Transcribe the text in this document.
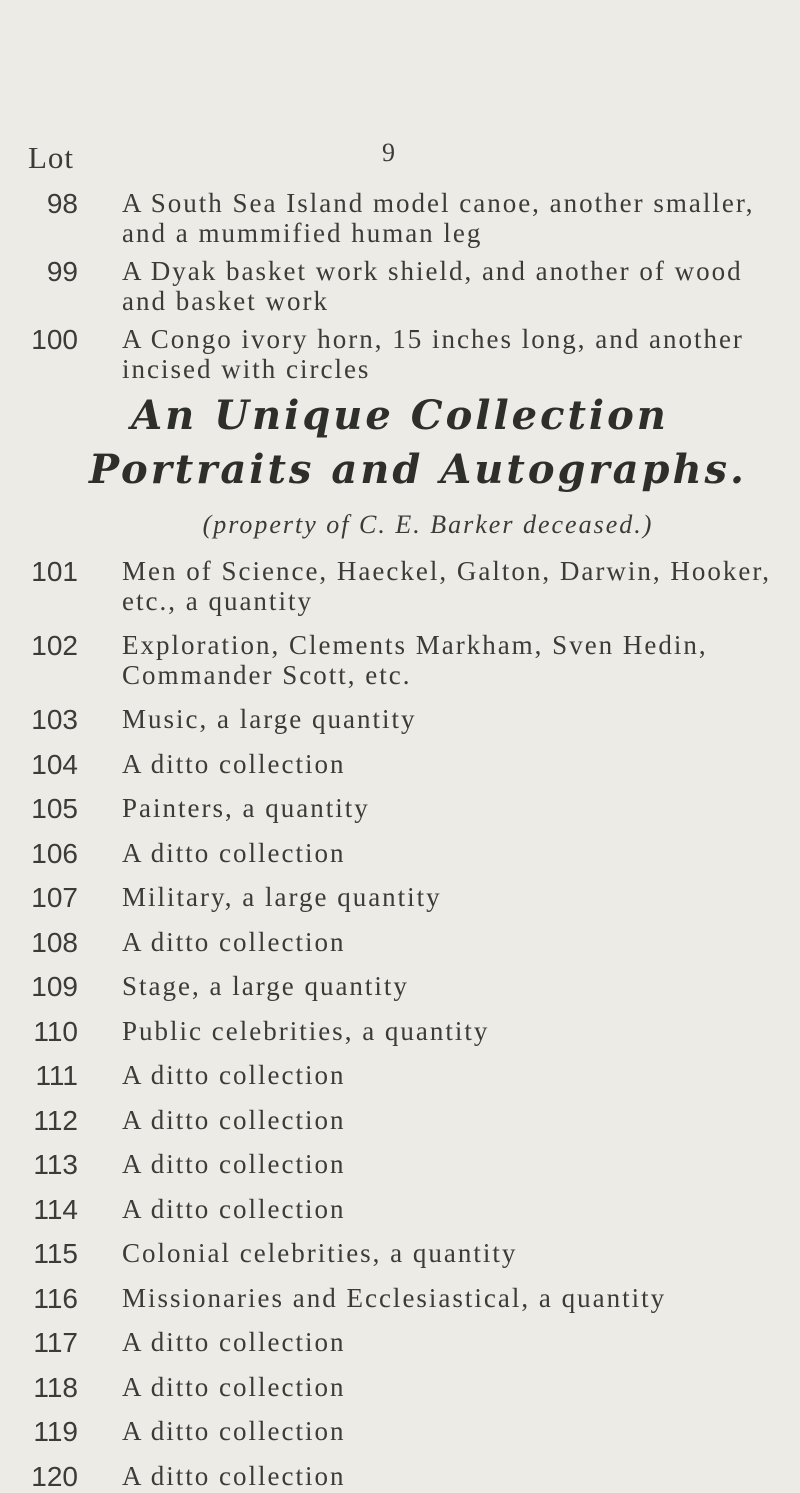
9
Lot
98 A South Sea Island model canoe, another smaller,
and a mummified human leg
99 A Dyak basket work shield, and another of wood
and basket work
An Unique Collection
Portraits and Autographs.
(property of C. E. Barker deceased.)
101 Men of Science, Haeckel, Galton, Darwin, Hooker,
etc., a quantity
102 Exploration, Clements Markham, Sven Hedin,
Commander Scott, etc.
103 Music, a large quantity
104 A ditto collection
105 Painters, a quantity
106 A ditto collection
107 Military, a large quantity
108 A ditto collection
109 Stage, a large quantity
110 Public celebrities, a quantity
111 A ditto collection
112 A ditto collection
113 A ditto collection
114 A ditto collection
115 Colonial celebrities, a quantity
116 Missionaries and Ecclesiastical, a quantity
117 A ditto collection
118 A ditto collection
119 A ditto collection
120 A ditto collection
100 A Congo ivory horn, 15 inches long, and another
incised with circles
